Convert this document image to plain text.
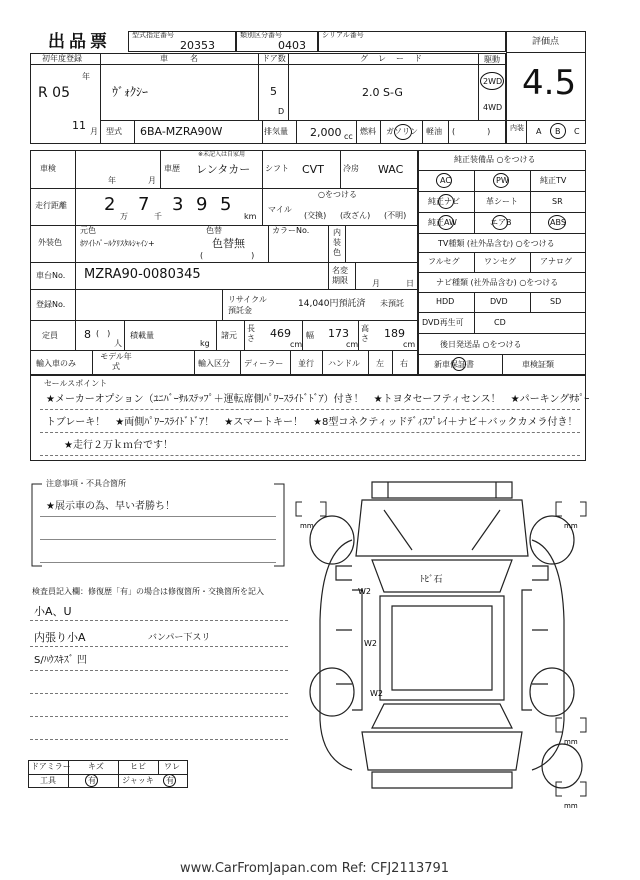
出品票	型式指定番号
20353
類別区分番号
0403
シリアル番号
評価点
4.5
初年度登録
年
R 05
11 月
車名
ｳﾞｫｸｼｰ
ドア数
5
D
グレード
2.0 S-G
駆動
2WD
4WD
型式 6BA-MZRA90W	排気量 2,000 cc
燃料 ガソリン 軽油 (　　　　)	内装 A B C
車検
年	月
車歴
※未記入は自家用
レンタカー シフト CVT 冷房 WAC
走行距離 2
万
7
千
3 9 5
km
マイル
○をつける
(交換) (改ざん) (不明)
外装色
元色
ﾎﾜｲﾄﾊﾟｰﾙｸﾘｽﾀﾙｼｬｲﾝ+
色替
色替無
(　　　　　　)
カラーNo.	内装色
車台No. MZRA90-0080345	名変期限	月	日
登録No.
リサイクル預託金
14,040円預託済 未預託
定員 8 (　)
人
積載量
kg
諸元
長さ 469
cm
幅 173
cm
高さ 189
cm
輸入車のみ
モデル年式	輸入区分 ディーラー 並行 ハンドル 左 右
純正装備品 ○をつける
AC	PW	純正TV
純正ナビ	革シート	SR
純正AW	エアB	ABS
TV種類 (社外品含む) ○をつける
フルセグ	ワンセグ	アナログ
ナビ種類 (社外品含む) ○をつける
HDD	DVD	SD
DVD再生可	CD
後日発送品 ○をつける
新車保証書	車検証類
セールスポイント
★メーカーオプション（ﾕﾆﾊﾞｰｻﾙｽﾃｯﾌﾟ＋運転席側ﾊﾟﾜｰｽﾗｲﾄﾞﾄﾞｱ）付き！　★トヨタセーフティセンス！　★パーキングｻﾎﾟｰ
トブレーキ！　★両側ﾊﾟﾜｰｽﾗｲﾄﾞﾄﾞｱ！　★スマートキー！　★8型コネクティッドﾃﾞｨｽﾌﾟﾚｲ＋ナビ＋バックカメラ付き！
★走行２万ｋｍ台です！
注意事項・不具合箇所
★展示車の為、早い者勝ち！
検査員記入欄：修復歴「有」の場合は修復箇所・交換箇所を記入
小A、U
内張り小A	バンパー下スリ
S/ﾊｳｽｷｽﾞ 凹
ドアミラー キズ	ヒビ ワレ
工具	有	ジャッキ 有
mm	mm
mm
mm
ﾄﾋﾞ石
W2
W2
W2
www.CarFromJapan.com Ref: CFJ2113791
